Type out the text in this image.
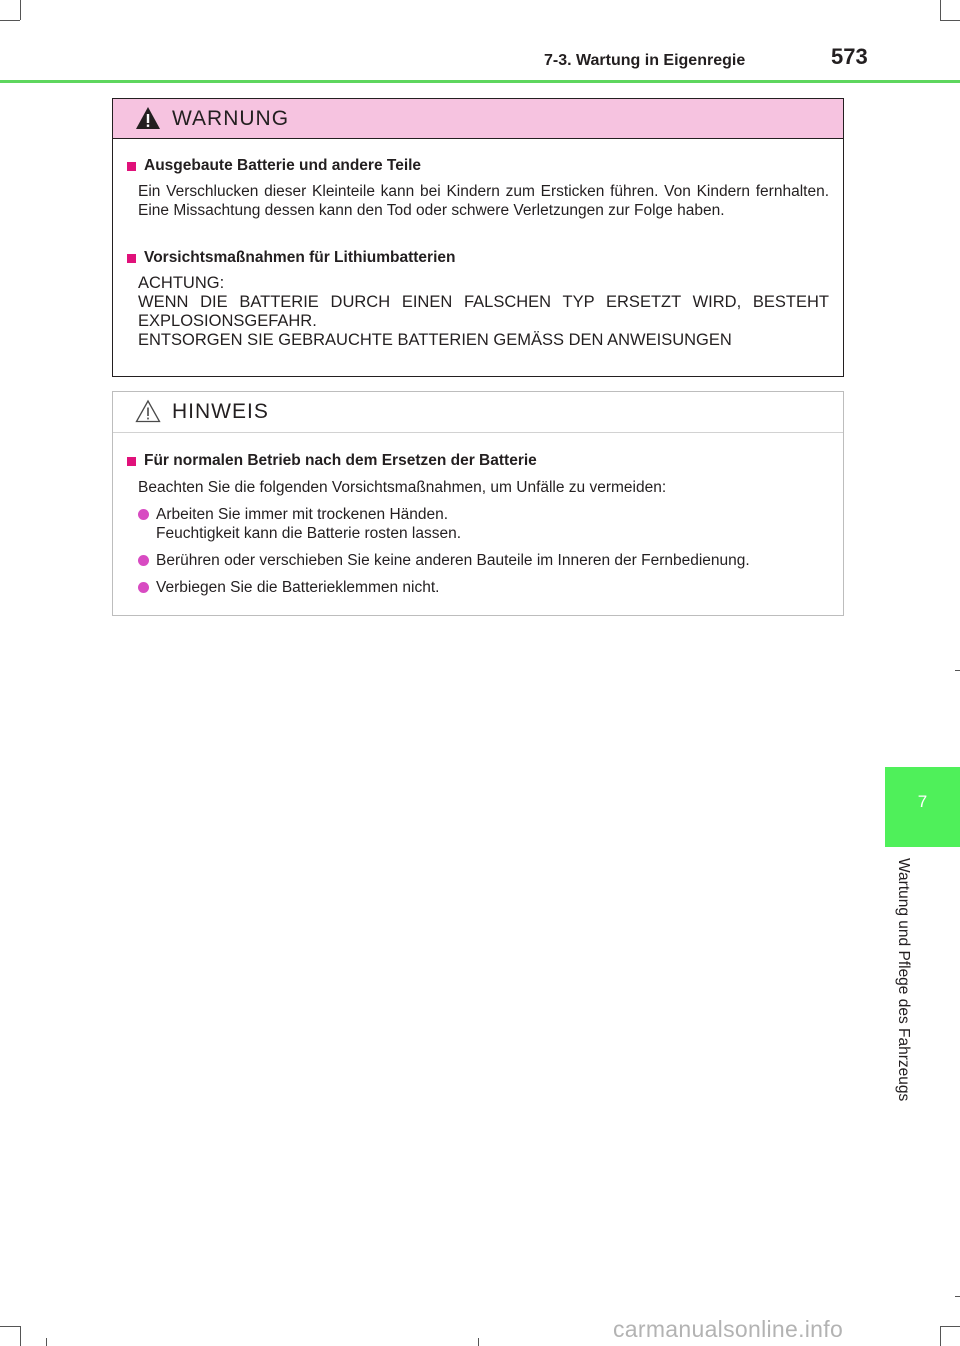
7-3. Wartung in Eigenregie	573
WARNUNG
Ausgebaute Batterie und andere Teile
Ein Verschlucken dieser Kleinteile kann bei Kindern zum Ersticken führen. Von Kindern fernhalten. Eine Missachtung dessen kann den Tod oder schwere Verletzungen zur Folge haben.
Vorsichtsmaßnahmen für Lithiumbatterien
ACHTUNG:
WENN DIE BATTERIE DURCH EINEN FALSCHEN TYP ERSETZT WIRD, BESTEHT EXPLOSIONSGEFAHR.
ENTSORGEN SIE GEBRAUCHTE BATTERIEN GEMÄSS DEN ANWEISUNGEN
HINWEIS
Für normalen Betrieb nach dem Ersetzen der Batterie
Beachten Sie die folgenden Vorsichtsmaßnahmen, um Unfälle zu vermeiden:
Arbeiten Sie immer mit trockenen Händen.
Feuchtigkeit kann die Batterie rosten lassen.
Berühren oder verschieben Sie keine anderen Bauteile im Inneren der Fernbedienung.
Verbiegen Sie die Batterieklemmen nicht.
7
Wartung und Pflege des Fahrzeugs
carmanualsonline.info
